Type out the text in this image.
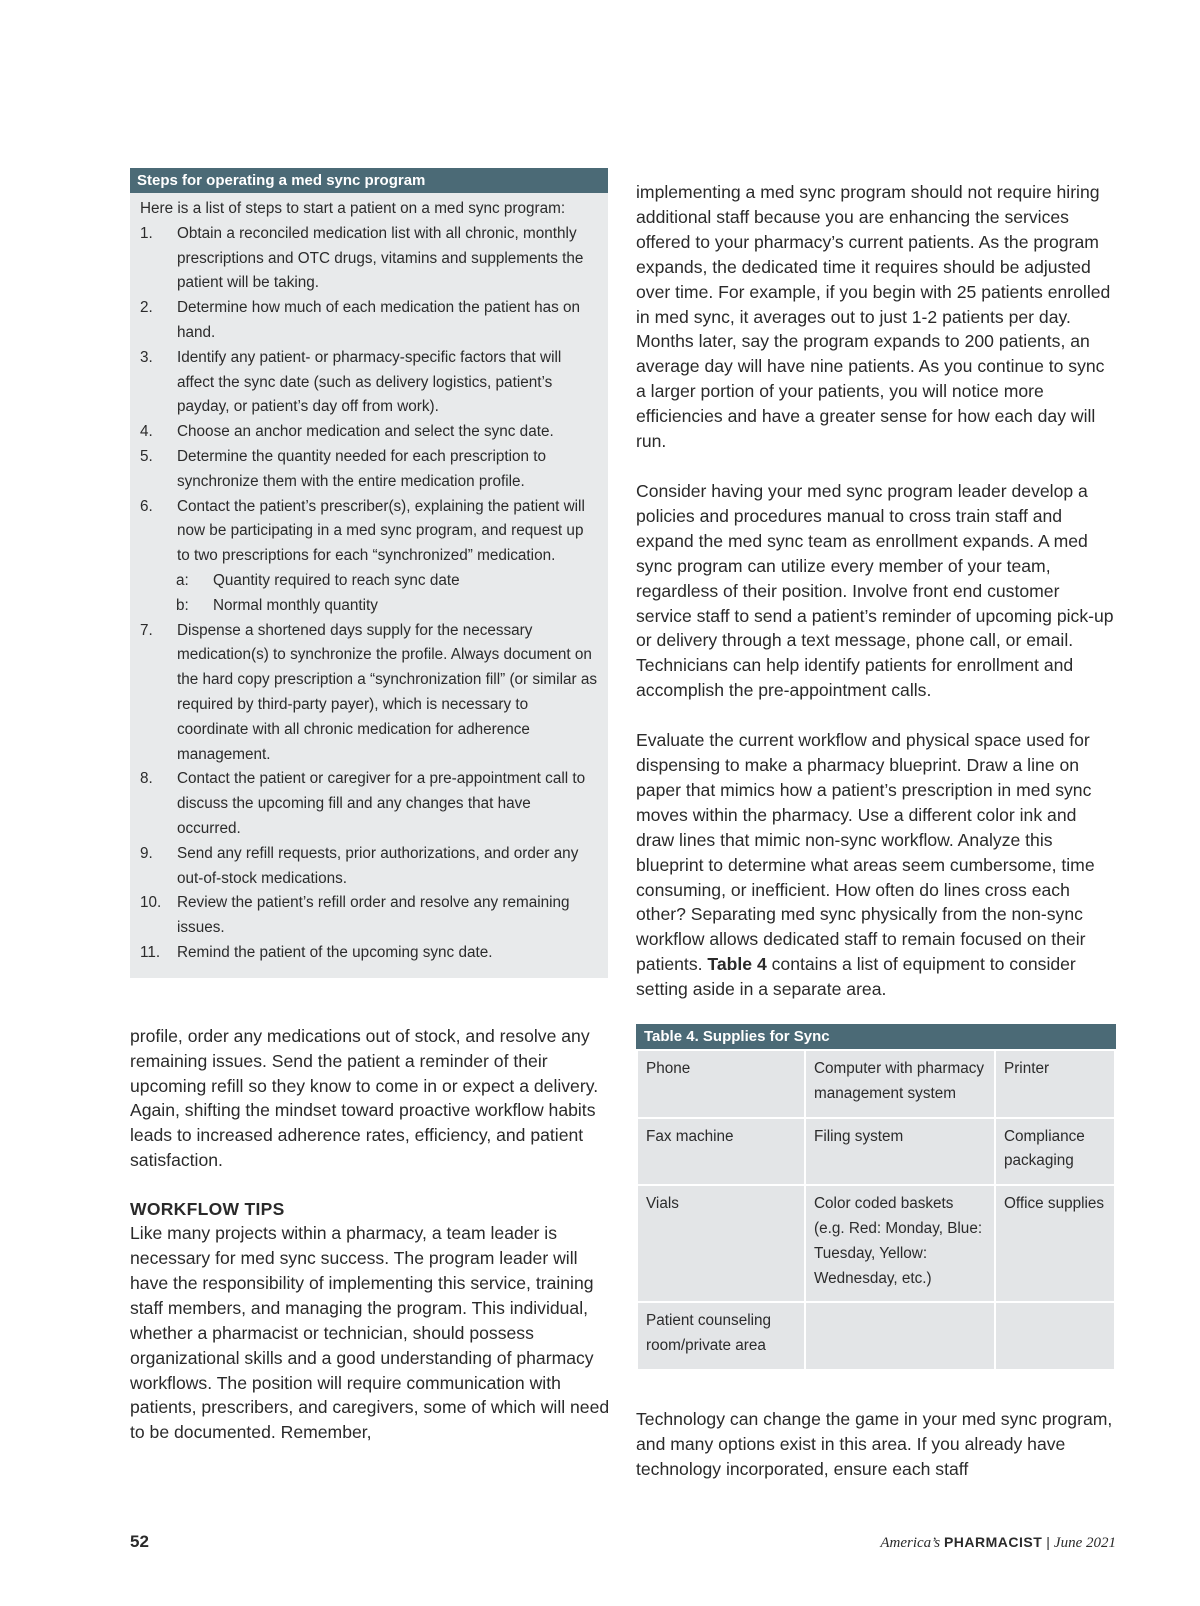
Steps for operating a med sync program

Here is a list of steps to start a patient on a med sync program:

1.	Obtain a reconciled medication list with all chronic, monthly prescriptions and OTC drugs, vitamins and supplements the patient will be taking.
2.	Determine how much of each medication the patient has on hand.
3.	Identify any patient- or pharmacy-specific factors that will affect the sync date (such as delivery logistics, patient’s payday, or patient’s day off from work).
4.	Choose an anchor medication and select the sync date.
5.	Determine the quantity needed for each prescription to synchronize them with the entire medication profile.
6.	Contact the patient’s prescriber(s), explaining the patient will now be participating in a med sync program, and request up to two prescriptions for each “synchronized” medication.
a:	Quantity required to reach sync date
b:	Normal monthly quantity
7.	Dispense a shortened days supply for the necessary medication(s) to synchronize the profile. Always document on the hard copy prescription a “synchronization fill” (or similar as required by third-party payer), which is necessary to coordinate with all chronic medication for adherence management.
8.	Contact the patient or caregiver for a pre-appointment call to discuss the upcoming fill and any changes that have occurred.
9.	Send any refill requests, prior authorizations, and order any out-of-stock medications.
10.	Review the patient’s refill order and resolve any remaining issues.
11.	Remind the patient of the upcoming sync date.

profile, order any medications out of stock, and resolve any remaining issues. Send the patient a reminder of their upcoming refill so they know to come in or expect a delivery. Again, shifting the mindset toward proactive workflow habits leads to increased adherence rates, efficiency, and patient satisfaction.

WORKFLOW TIPS

Like many projects within a pharmacy, a team leader is necessary for med sync success. The program leader will have the responsibility of implementing this service, training staff members, and managing the program. This individual, whether a pharmacist or technician, should possess organizational skills and a good understanding of pharmacy workflows. The position will require communication with patients, prescribers, and caregivers, some of which will need to be documented. Remember,

implementing a med sync program should not require hiring additional staff because you are enhancing the services offered to your pharmacy’s current patients. As the program expands, the dedicated time it requires should be adjusted over time. For example, if you begin with 25 patients enrolled in med sync, it averages out to just 1-2 patients per day. Months later, say the program expands to 200 patients, an average day will have nine patients. As you continue to sync a larger portion of your patients, you will notice more efficiencies and have a greater sense for how each day will run.

Consider having your med sync program leader develop a policies and procedures manual to cross train staff and expand the med sync team as enrollment expands. A med sync program can utilize every member of your team, regardless of their position. Involve front end customer service staff to send a patient’s reminder of upcoming pick-up or delivery through a text message, phone call, or email. Technicians can help identify patients for enrollment and accomplish the pre-appointment calls.

Evaluate the current workflow and physical space used for dispensing to make a pharmacy blueprint. Draw a line on paper that mimics how a patient’s prescription in med sync moves within the pharmacy. Use a different color ink and draw lines that mimic non-sync workflow. Analyze this blueprint to determine what areas seem cumbersome, time consuming, or inefficient. How often do lines cross each other? Separating med sync physically from the non-sync workflow allows dedicated staff to remain focused on their patients. Table 4 contains a list of equipment to consider setting aside in a separate area.

Table 4. Supplies for Sync
Phone	Computer with pharmacy management system	Printer
Fax machine	Filing system	Compliance packaging
Vials	Color coded baskets (e.g. Red: Monday, Blue: Tuesday, Yellow: Wednesday, etc.)	Office supplies
Patient counseling room/private area		

Technology can change the game in your med sync program, and many options exist in this area. If you already have technology incorporated, ensure each staff

52	America’s PHARMACIST | June 2021
